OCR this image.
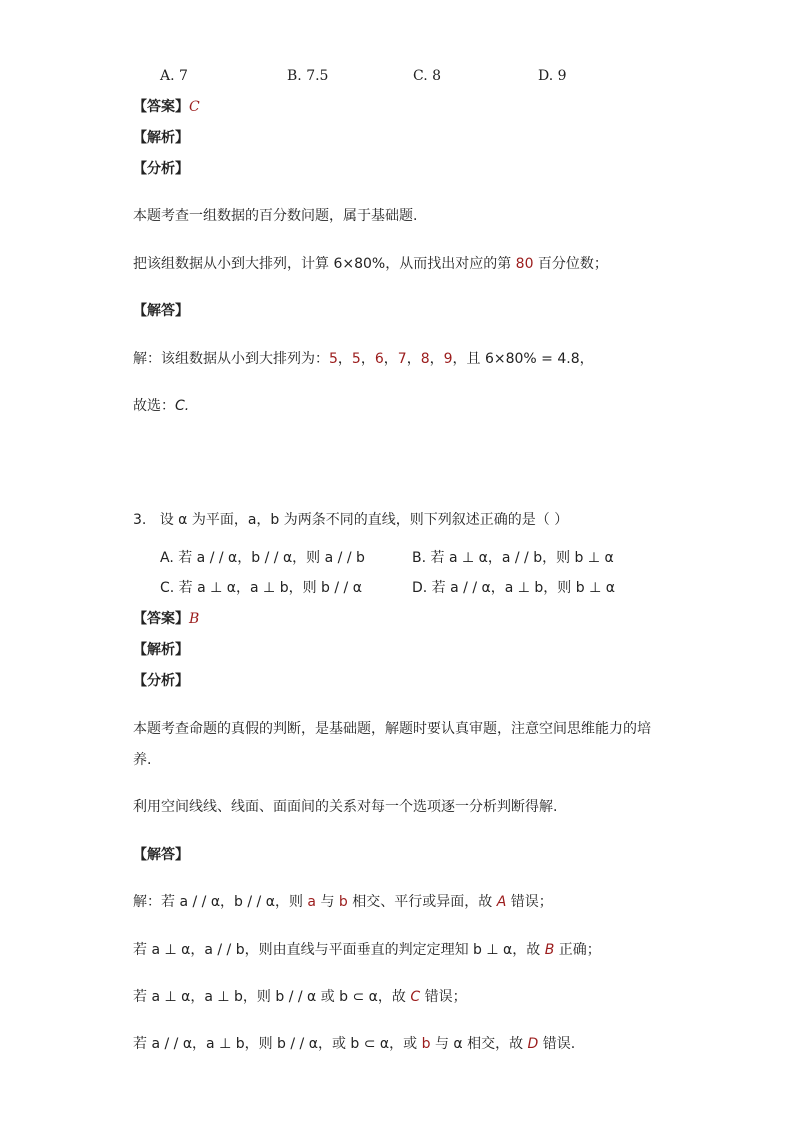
A. 7	B. 7.5	C. 8	D. 9
【答案】C
【解析】
【分析】
本题考查一组数据的百分数问题，属于基础题.
把该组数据从小到大排列，计算 6×80%，从而找出对应的第 80 百分位数；
【解答】
解：该组数据从小到大排列为：5，5，6，7，8，9，且 6×80% = 4.8，
故选：C.
3. 设 α 为平面，a，b 为两条不同的直线，则下列叙述正确的是（ ）
A. 若 a / / α，b / / α，则 a / / b	B. 若 a ⊥ α，a / / b，则 b ⊥ α
C. 若 a ⊥ α，a ⊥ b，则 b / / α	D. 若 a / / α，a ⊥ b，则 b ⊥ α
【答案】B
【解析】
【分析】
本题考查命题的真假的判断，是基础题，解题时要认真审题，注意空间思维能力的培
养.
利用空间线线、线面、面面间的关系对每一个选项逐一分析判断得解.
【解答】
解：若 a / / α，b / / α，则 a 与 b 相交、平行或异面，故 A 错误；
若 a ⊥ α，a / / b，则由直线与平面垂直的判定定理知 b ⊥ α，故 B 正确；
若 a ⊥ α，a ⊥ b，则 b / / α 或 b ⊂ α，故 C 错误；
若 a / / α，a ⊥ b，则 b / / α，或 b ⊂ α，或 b 与 α 相交，故 D 错误.
